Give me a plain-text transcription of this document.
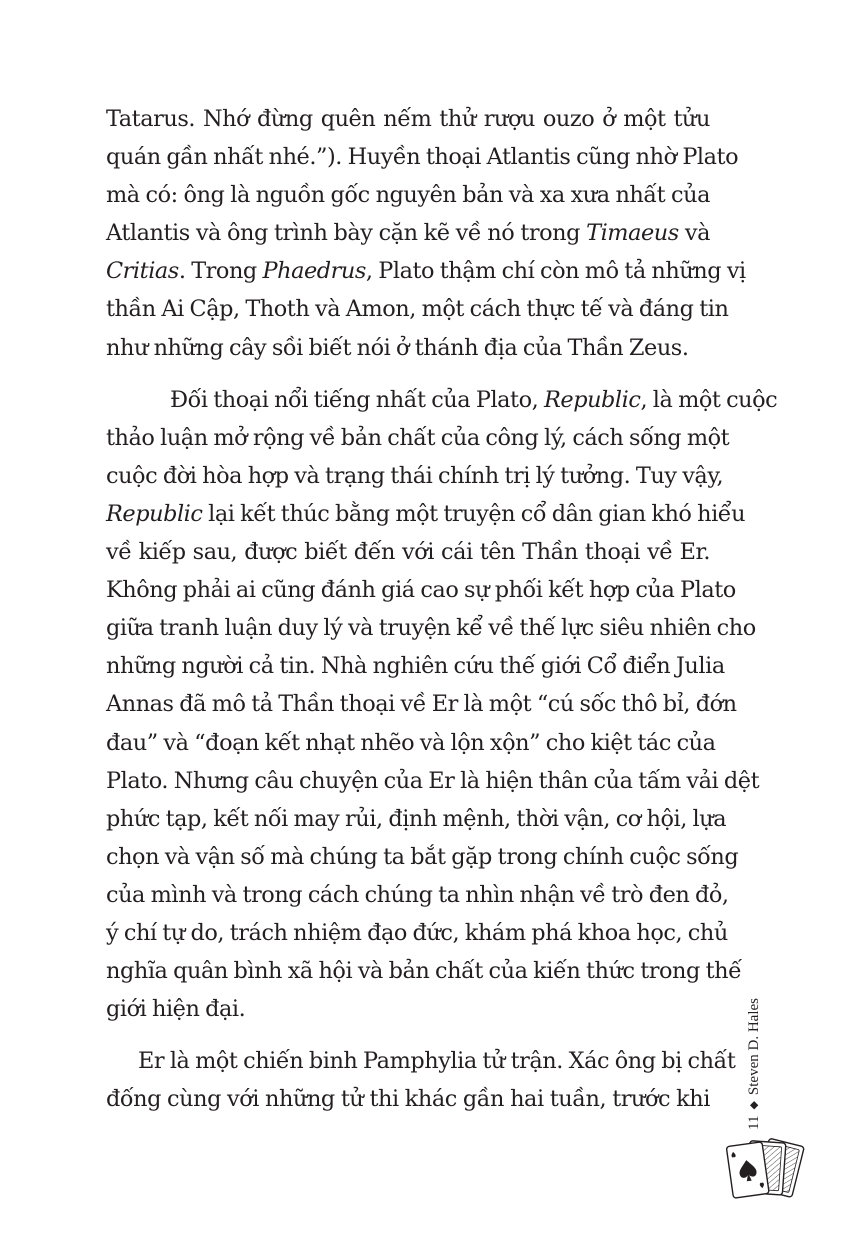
Tatarus. Nhớ đừng quên nếm thử rượu ouzo ở một tửu
quán gần nhất nhé.”). Huyền thoại Atlantis cũng nhờ Plato
mà có: ông là nguồn gốc nguyên bản và xa xưa nhất của
Atlantis và ông trình bày cặn kẽ về nó trong Timaeus và
Critias. Trong Phaedrus, Plato thậm chí còn mô tả những vị
thần Ai Cập, Thoth và Amon, một cách thực tế và đáng tin
như những cây sồi biết nói ở thánh địa của Thần Zeus.

Đối thoại nổi tiếng nhất của Plato, Republic, là một cuộc
thảo luận mở rộng về bản chất của công lý, cách sống một
cuộc đời hòa hợp và trạng thái chính trị lý tưởng. Tuy vậy,
Republic lại kết thúc bằng một truyện cổ dân gian khó hiểu
về kiếp sau, được biết đến với cái tên Thần thoại về Er.
Không phải ai cũng đánh giá cao sự phối kết hợp của Plato
giữa tranh luận duy lý và truyện kể về thế lực siêu nhiên cho
những người cả tin. Nhà nghiên cứu thế giới Cổ điển Julia
Annas đã mô tả Thần thoại về Er là một “cú sốc thô bỉ, đớn
đau” và “đoạn kết nhạt nhẽo và lộn xộn” cho kiệt tác của
Plato. Nhưng câu chuyện của Er là hiện thân của tấm vải dệt
phức tạp, kết nối may rủi, định mệnh, thời vận, cơ hội, lựa
chọn và vận số mà chúng ta bắt gặp trong chính cuộc sống
của mình và trong cách chúng ta nhìn nhận về trò đen đỏ,
ý chí tự do, trách nhiệm đạo đức, khám phá khoa học, chủ
nghĩa quân bình xã hội và bản chất của kiến thức trong thế
giới hiện đại.

Er là một chiến binh Pamphylia tử trận. Xác ông bị chất
đống cùng với những tử thi khác gần hai tuần, trước khi

11◆Steven D. Hales
